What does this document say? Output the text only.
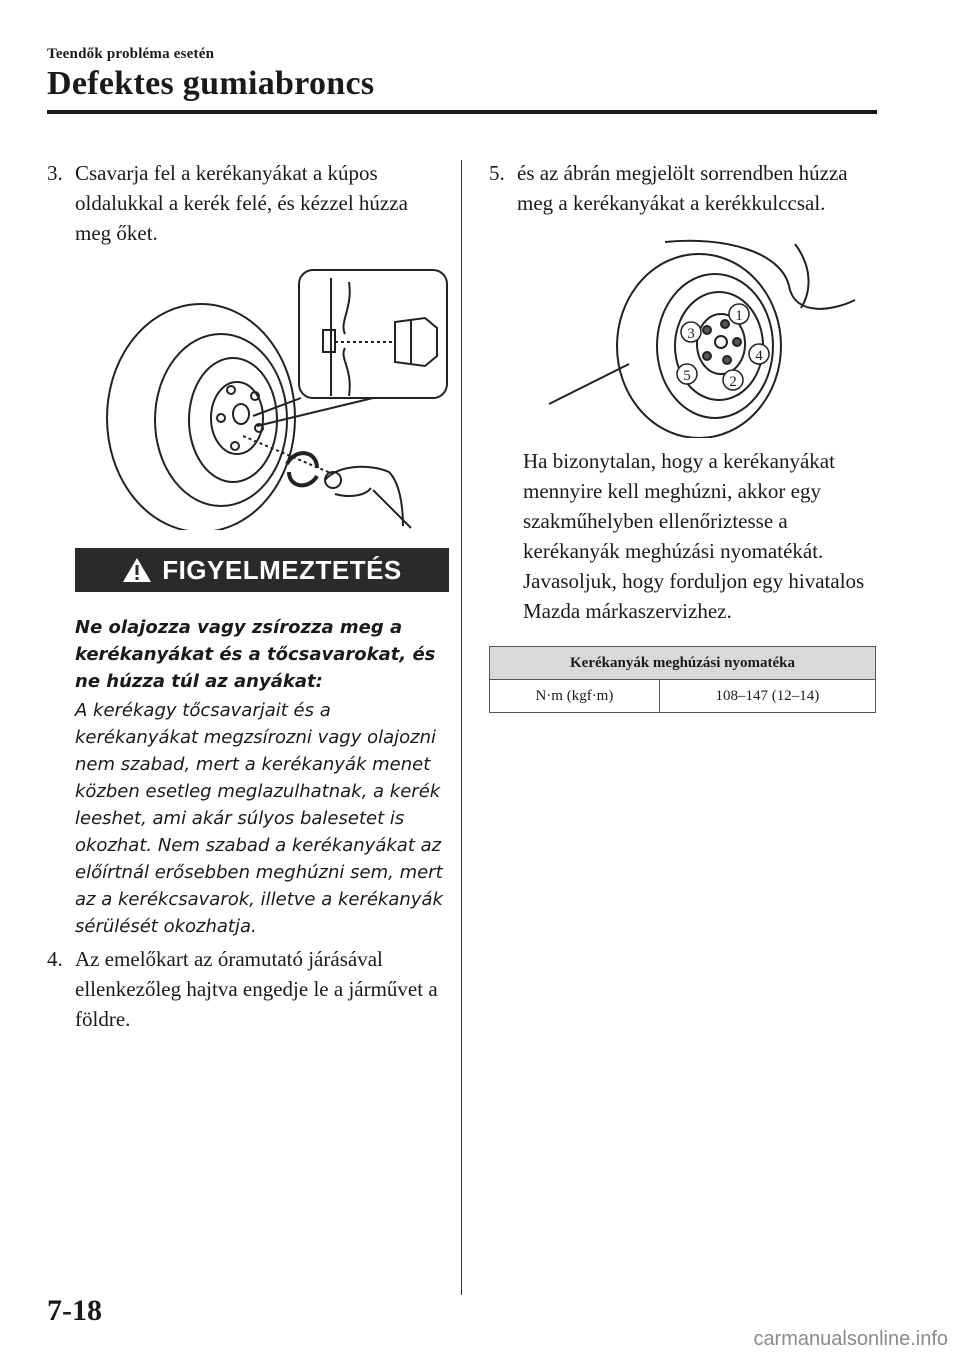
Teendők probléma esetén
Defektes gumiabroncs
3. Csavarja fel a kerékanyákat a kúpos oldalukkal a kerék felé, és kézzel húzza meg őket.
FIGYELMEZTETÉS
Ne olajozza vagy zsírozza meg a kerékanyákat és a tőcsavarokat, és ne húzza túl az anyákat:
A kerékagy tőcsavarjait és a kerékanyákat megzsírozni vagy olajozni nem szabad, mert a kerékanyák menet közben esetleg meglazulhatnak, a kerék leeshet, ami akár súlyos balesetet is okozhat. Nem szabad a kerékanyákat az előírtnál erősebben meghúzni sem, mert az a kerékcsavarok, illetve a kerékanyák sérülését okozhatja.
4. Az emelőkart az óramutató járásával ellenkezőleg hajtva engedje le a járművet a földre.
5. és az ábrán megjelölt sorrendben húzza meg a kerékanyákat a kerékkulccsal.
1
2
3
4
5
Ha bizonytalan, hogy a kerékanyákat mennyire kell meghúzni, akkor egy szakműhelyben ellenőriztesse a kerékanyák meghúzási nyomatékát. Javasoljuk, hogy forduljon egy hivatalos Mazda márkaszervizhez.
Kerékanyák meghúzási nyomatéka
N·m (kgf·m)	108–147 (12–14)
7-18
carmanualsonline.info
